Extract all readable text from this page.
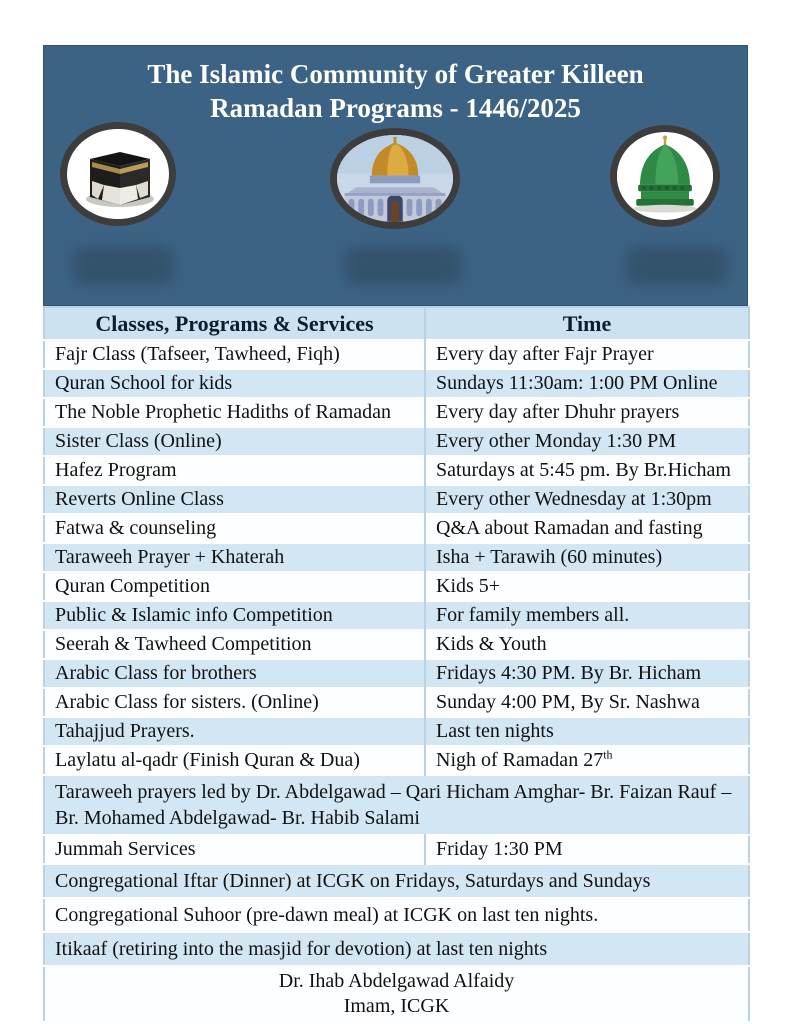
The Islamic Community of Greater Killeen
Ramadan Programs - 1446/2025
Classes, Programs & Services	Time
Fajr Class (Tafseer, Tawheed, Fiqh)	Every day after Fajr Prayer
Quran School for kids	Sundays 11:30am: 1:00 PM Online
The Noble Prophetic Hadiths of Ramadan	Every day after Dhuhr prayers
Sister Class (Online)	Every other Monday 1:30 PM
Hafez Program	Saturdays at 5:45 pm. By Br.Hicham
Reverts Online Class	Every other Wednesday at 1:30pm
Fatwa & counseling	Q&A about Ramadan and fasting
Taraweeh Prayer + Khaterah	Isha + Tarawih (60 minutes)
Quran Competition	Kids 5+
Public & Islamic info Competition	For family members all.
Seerah & Tawheed Competition	Kids & Youth
Arabic Class for brothers	Fridays 4:30 PM. By Br. Hicham
Arabic Class for sisters. (Online)	Sunday 4:00 PM, By Sr. Nashwa
Tahajjud Prayers.	Last ten nights
Laylatu al-qadr (Finish Quran & Dua)	Nigh of Ramadan 27th
Taraweeh prayers led by Dr. Abdelgawad – Qari Hicham Amghar- Br. Faizan Rauf – Br. Mohamed Abdelgawad- Br. Habib Salami	
Jummah Services	Friday 1:30 PM
Congregational Iftar (Dinner) at ICGK on Fridays, Saturdays and Sundays	
Congregational Suhoor (pre-dawn meal) at ICGK on last ten nights.	
Itikaaf (retiring into the masjid for devotion) at last ten nights	

Dr. Ihab Abdelgawad Alfaidy
Imam, ICGK	
